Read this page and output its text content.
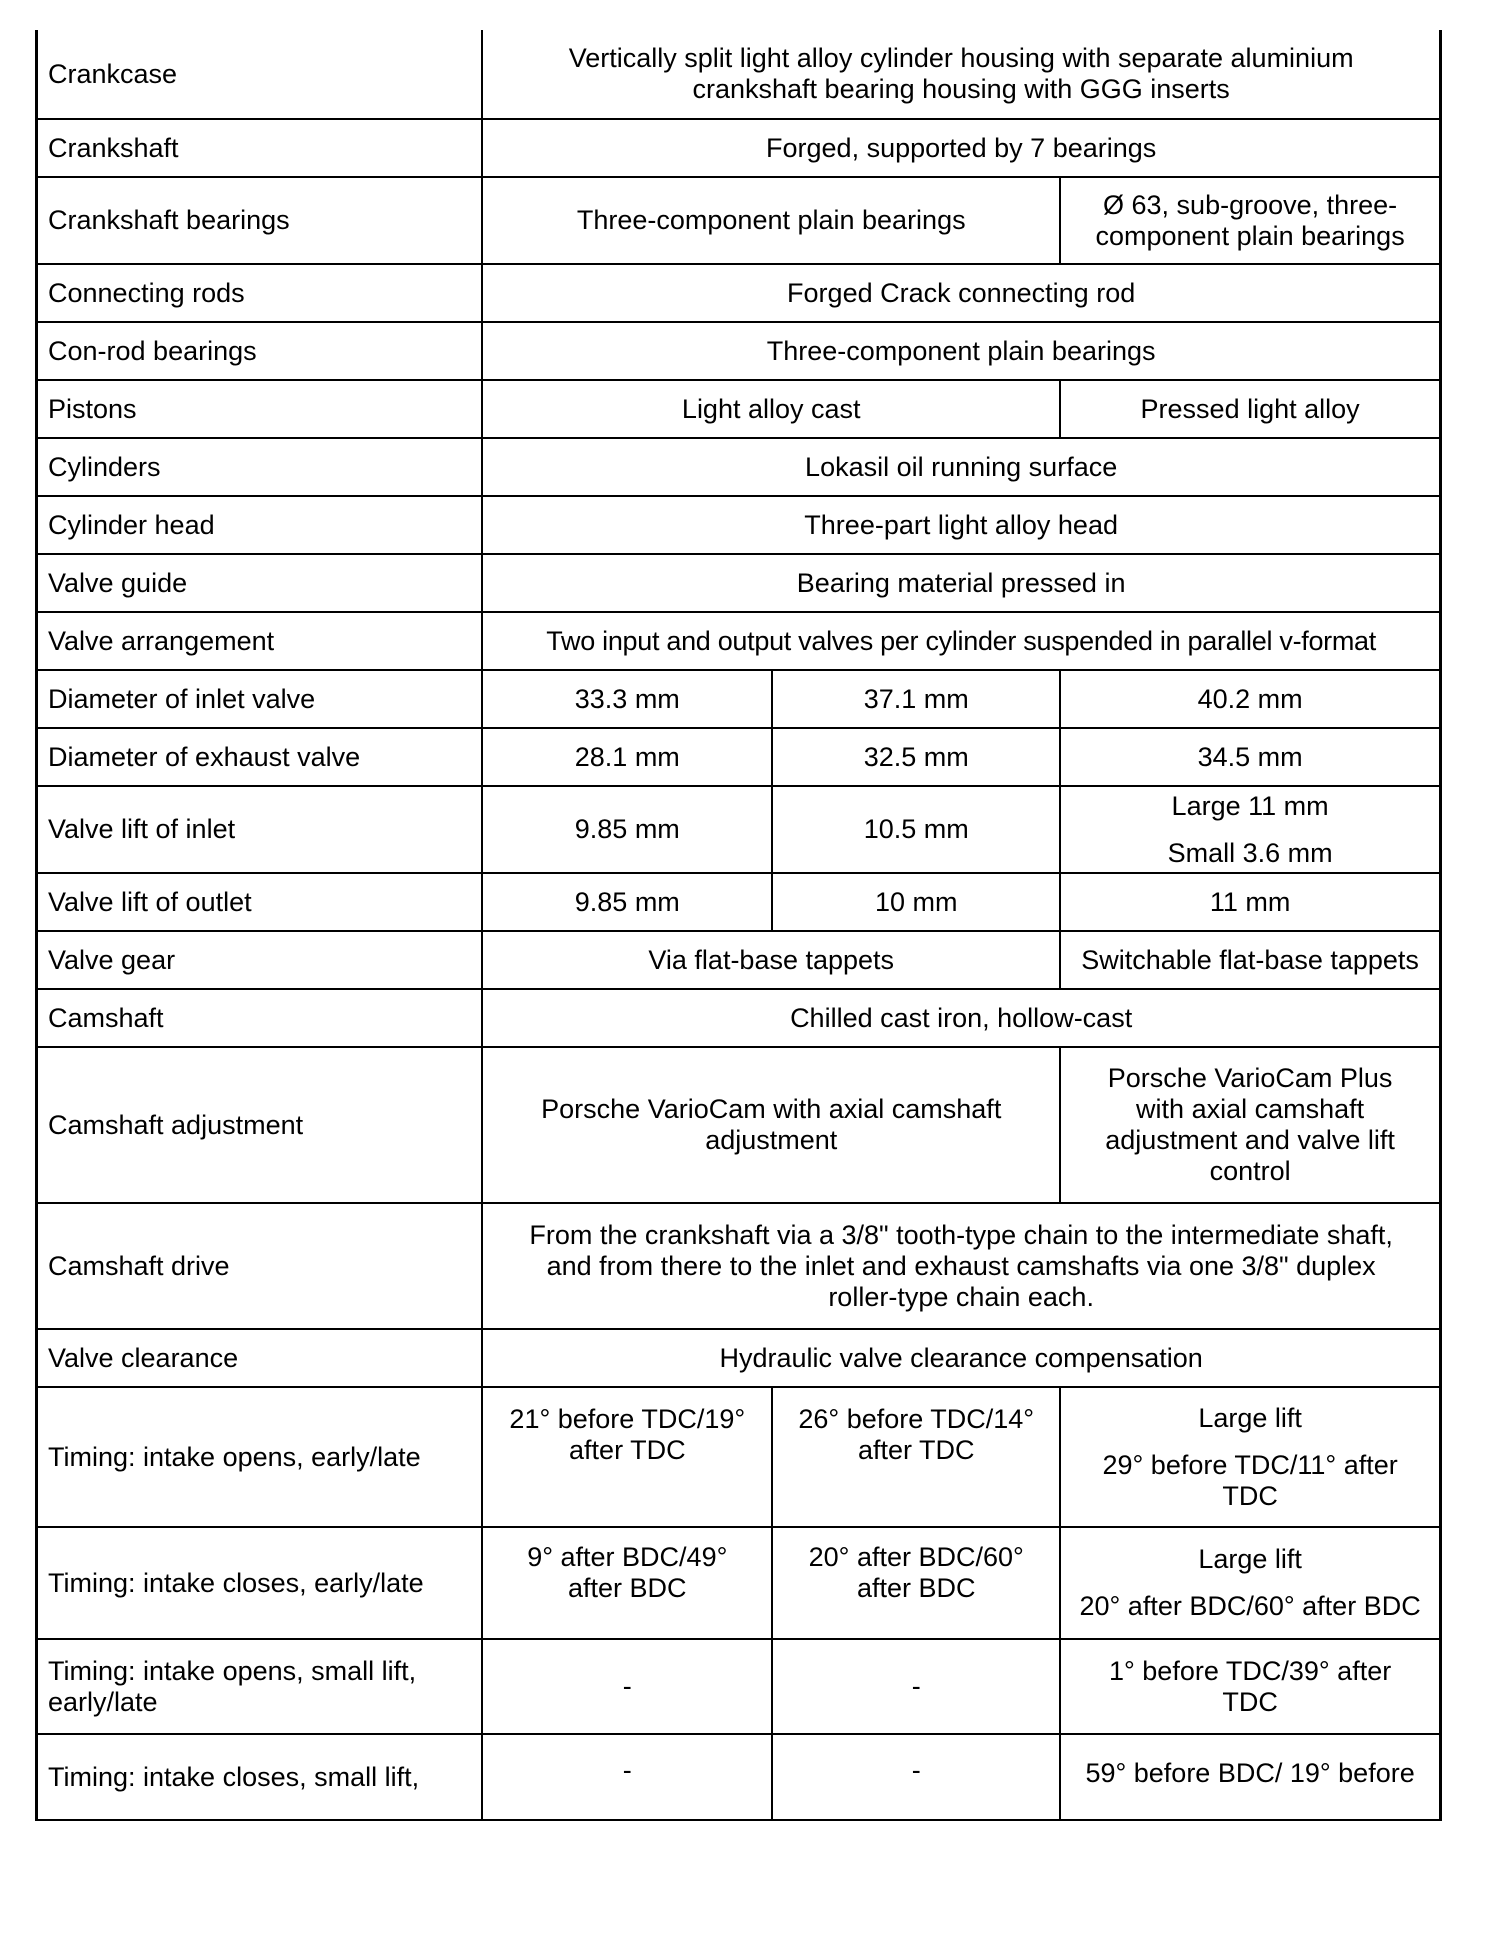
Crankcase	Vertically split light alloy cylinder housing with separate aluminium crankshaft bearing housing with GGG inserts		
Crankshaft	Forged, supported by 7 bearings		
Crankshaft bearings	Three-component plain bearings		Ø 63, sub-groove, three-component plain bearings
Connecting rods	Forged Crack connecting rod		
Con-rod bearings	Three-component plain bearings		
Pistons	Light alloy cast		Pressed light alloy
Cylinders	Lokasil oil running surface		
Cylinder head	Three-part light alloy head		
Valve guide	Bearing material pressed in		
Valve arrangement	Two input and output valves per cylinder suspended in parallel v-format		
Diameter of inlet valve	33.3 mm	37.1 mm	40.2 mm
Diameter of exhaust valve	28.1 mm	32.5 mm	34.5 mm
Valve lift of inlet	9.85 mm	10.5 mm	Large 11 mm
Small 3.6 mm

Valve lift of outlet	9.85 mm	10 mm	11 mm
Valve gear	Via flat-base tappets		Switchable flat-base tappets
Camshaft	Chilled cast iron, hollow-cast		
Camshaft adjustment	Porsche VarioCam with axial camshaft adjustment		Porsche VarioCam Plus with axial camshaft adjustment and valve lift control
Camshaft drive	From the crankshaft via a 3/8" tooth-type chain to the intermediate shaft, and from there to the inlet and exhaust camshafts via one 3/8" duplex roller-type chain each.		
Valve clearance	Hydraulic valve clearance compensation		
Timing: intake opens, early/late	21° before TDC/19° after TDC	26° before TDC/14° after TDC	Large lift
29° before TDC/11° after TDC

Timing: intake closes, early/late	9° after BDC/49° after BDC	20° after BDC/60° after BDC	Large lift
20° after BDC/60° after BDC

Timing: intake opens, small lift, early/late	-	-	1° before TDC/39° after TDC
Timing: intake closes, small lift,	-	-	59° before BDC/ 19° before
